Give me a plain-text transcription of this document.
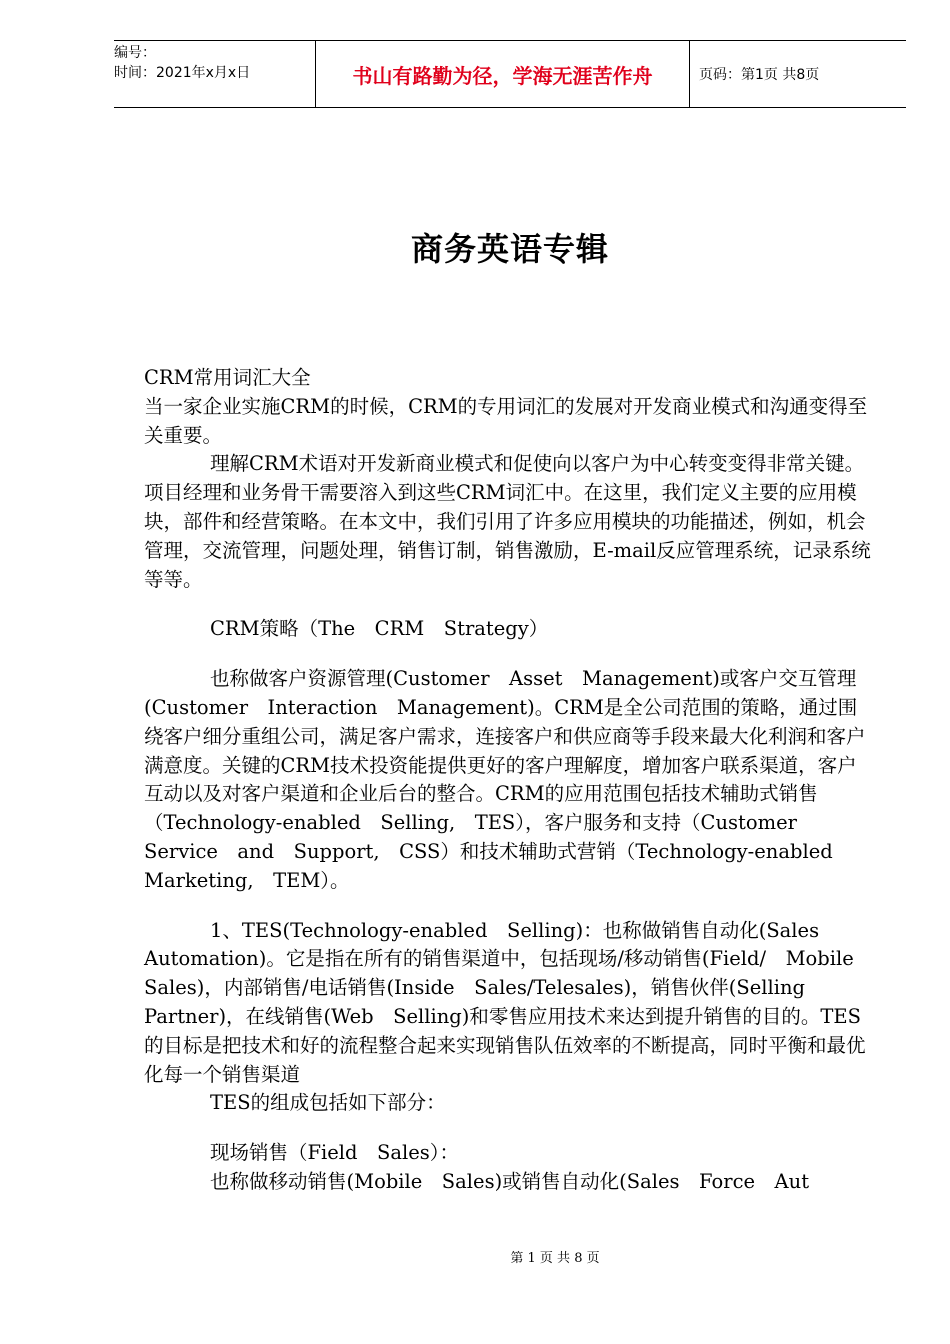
编号：
时间：2021年x月x日	书山有路勤为径，学海无涯苦作舟	页码：第1页 共8页
商务英语专辑

CRM常用词汇大全

当一家企业实施CRM的时候，CRM的专用词汇的发展对开发商业模式和沟通变得至关重要。

理解CRM术语对开发新商业模式和促使向以客户为中心转变变得非常关键。项目经理和业务骨干需要溶入到这些CRM词汇中。在这里，我们定义主要的应用模块，部件和经营策略。在本文中，我们引用了许多应用模块的功能描述，例如，机会管理，交流管理，问题处理，销售订制，销售激励，E-mail反应管理系统，记录系统等等。

CRM策略（The　CRM　Strategy）

也称做客户资源管理(Customer　Asset　Management)或客户交互管理(Customer　Interaction　Management)。CRM是全公司范围的策略，通过围绕客户细分重组公司，满足客户需求，连接客户和供应商等手段来最大化利润和客户满意度。关键的CRM技术投资能提供更好的客户理解度，增加客户联系渠道，客户互动以及对客户渠道和企业后台的整合。CRM的应用范围包括技术辅助式销售（Technology-enabled　Selling,　TES），客户服务和支持（Customer　Service　and　Support,　CSS）和技术辅助式营销（Technology-enabled　Marketing,　TEM）。

1、TES(Technology-enabled　Selling)：也称做销售自动化(Sales　Automation)。它是指在所有的销售渠道中，包括现场/移动销售(Field/　Mobile　Sales)，内部销售/电话销售(Inside　Sales/Telesales)，销售伙伴(Selling　Partner)，在线销售(Web　Selling)和零售应用技术来达到提升销售的目的。TES的目标是把技术和好的流程整合起来实现销售队伍效率的不断提高，同时平衡和最优化每一个销售渠道

TES的组成包括如下部分：

现场销售（Field　Sales）：

也称做移动销售(Mobile　Sales)或销售自动化(Sales　Force　Aut

第 1 页 共 8 页
